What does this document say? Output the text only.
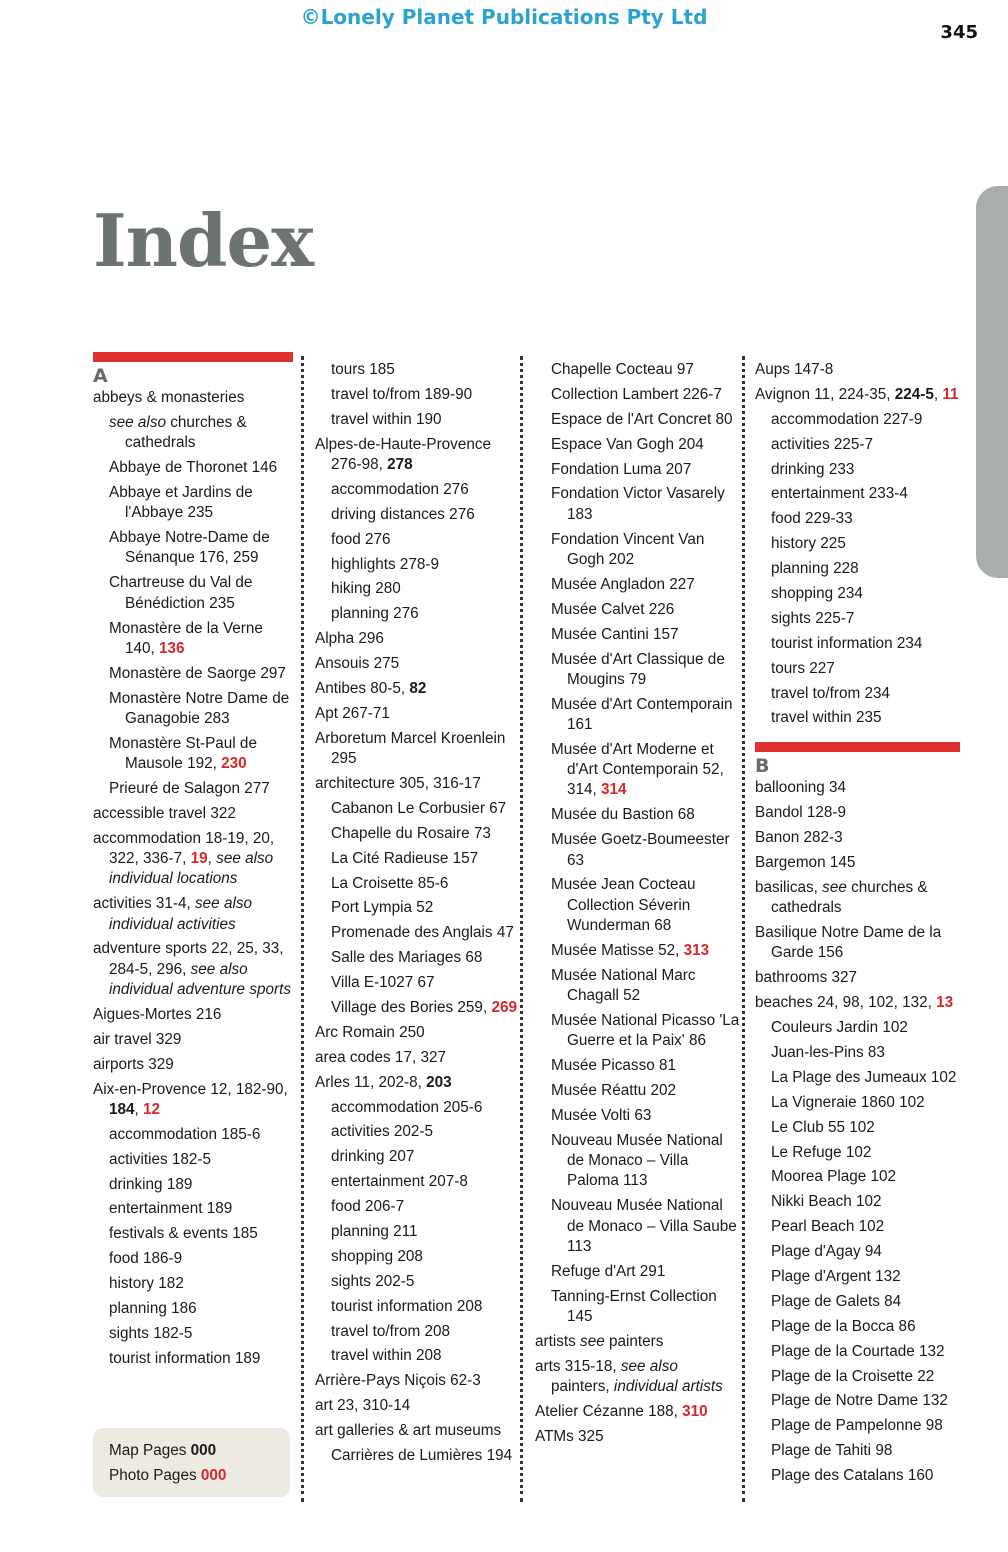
©Lonely Planet Publications Pty Ltd
345
Index
A
abbeys & monasteries
see also churches & cathedrals
Abbaye de Thoronet 146
Abbaye et Jardins de l'Abbaye 235
Abbaye Notre-Dame de Sénanque 176, 259
Chartreuse du Val de Bénédiction 235
Monastère de la Verne 140, 136
Monastère de Saorge 297
Monastère Notre Dame de Ganagobie 283
Monastère St-Paul de Mausole 192, 230
Prieuré de Salagon 277
accessible travel 322
accommodation 18-19, 20, 322, 336-7, 19, see also individual locations
activities 31-4, see also individual activities
adventure sports 22, 25, 33, 284-5, 296, see also individual adventure sports
Aigues-Mortes 216
air travel 329
airports 329
Aix-en-Provence 12, 182-90, 184, 12
accommodation 185-6
activities 182-5
drinking 189
entertainment 189
festivals & events 185
food 186-9
history 182
planning 186
sights 182-5
tourist information 189
tours 185
travel to/from 189-90
travel within 190
Alpes-de-Haute-Provence 276-98, 278
accommodation 276
driving distances 276
food 276
highlights 278-9
hiking 280
planning 276
Alpha 296
Ansouis 275
Antibes 80-5, 82
Apt 267-71
Arboretum Marcel Kroenlein 295
architecture 305, 316-17
Cabanon Le Corbusier 67
Chapelle du Rosaire 73
La Cité Radieuse 157
La Croisette 85-6
Port Lympia 52
Promenade des Anglais 47
Salle des Mariages 68
Villa E-1027 67
Village des Bories 259, 269
Arc Romain 250
area codes 17, 327
Arles 11, 202-8, 203
accommodation 205-6
activities 202-5
drinking 207
entertainment 207-8
food 206-7
planning 211
shopping 208
sights 202-5
tourist information 208
travel to/from 208
travel within 208
Arrière-Pays Niçois 62-3
art 23, 310-14
art galleries & art museums
Carrières de Lumières 194
Chapelle Cocteau 97
Collection Lambert 226-7
Espace de l'Art Concret 80
Espace Van Gogh 204
Fondation Luma 207
Fondation Victor Vasarely 183
Fondation Vincent Van Gogh 202
Musée Angladon 227
Musée Calvet 226
Musée Cantini 157
Musée d'Art Classique de Mougins 79
Musée d'Art Contemporain 161
Musée d'Art Moderne et d'Art Contemporain 52, 314, 314
Musée du Bastion 68
Musée Goetz-Boumeester 63
Musée Jean Cocteau Collection Séverin Wunderman 68
Musée Matisse 52, 313
Musée National Marc Chagall 52
Musée National Picasso 'La Guerre et la Paix' 86
Musée Picasso 81
Musée Réattu 202
Musée Volti 63
Nouveau Musée National de Monaco – Villa Paloma 113
Nouveau Musée National de Monaco – Villa Saube 113
Refuge d'Art 291
Tanning-Ernst Collection 145
artists see painters
arts 315-18, see also painters, individual artists
Atelier Cézanne 188, 310
ATMs 325
Aups 147-8
Avignon 11, 224-35, 224-5, 11
accommodation 227-9
activities 225-7
drinking 233
entertainment 233-4
food 229-33
history 225
planning 228
shopping 234
sights 225-7
tourist information 234
tours 227
travel to/from 234
travel within 235
B
ballooning 34
Bandol 128-9
Banon 282-3
Bargemon 145
basilicas, see churches & cathedrals
Basilique Notre Dame de la Garde 156
bathrooms 327
beaches 24, 98, 102, 132, 13
Couleurs Jardin 102
Juan-les-Pins 83
La Plage des Jumeaux 102
La Vigneraie 1860 102
Le Club 55 102
Le Refuge 102
Moorea Plage 102
Nikki Beach 102
Pearl Beach 102
Plage d'Agay 94
Plage d'Argent 132
Plage de Galets 84
Plage de la Bocca 86
Plage de la Courtade 132
Plage de la Croisette 22
Plage de Notre Dame 132
Plage de Pampelonne 98
Plage de Tahiti 98
Plage des Catalans 160
Map Pages 000
Photo Pages 000
